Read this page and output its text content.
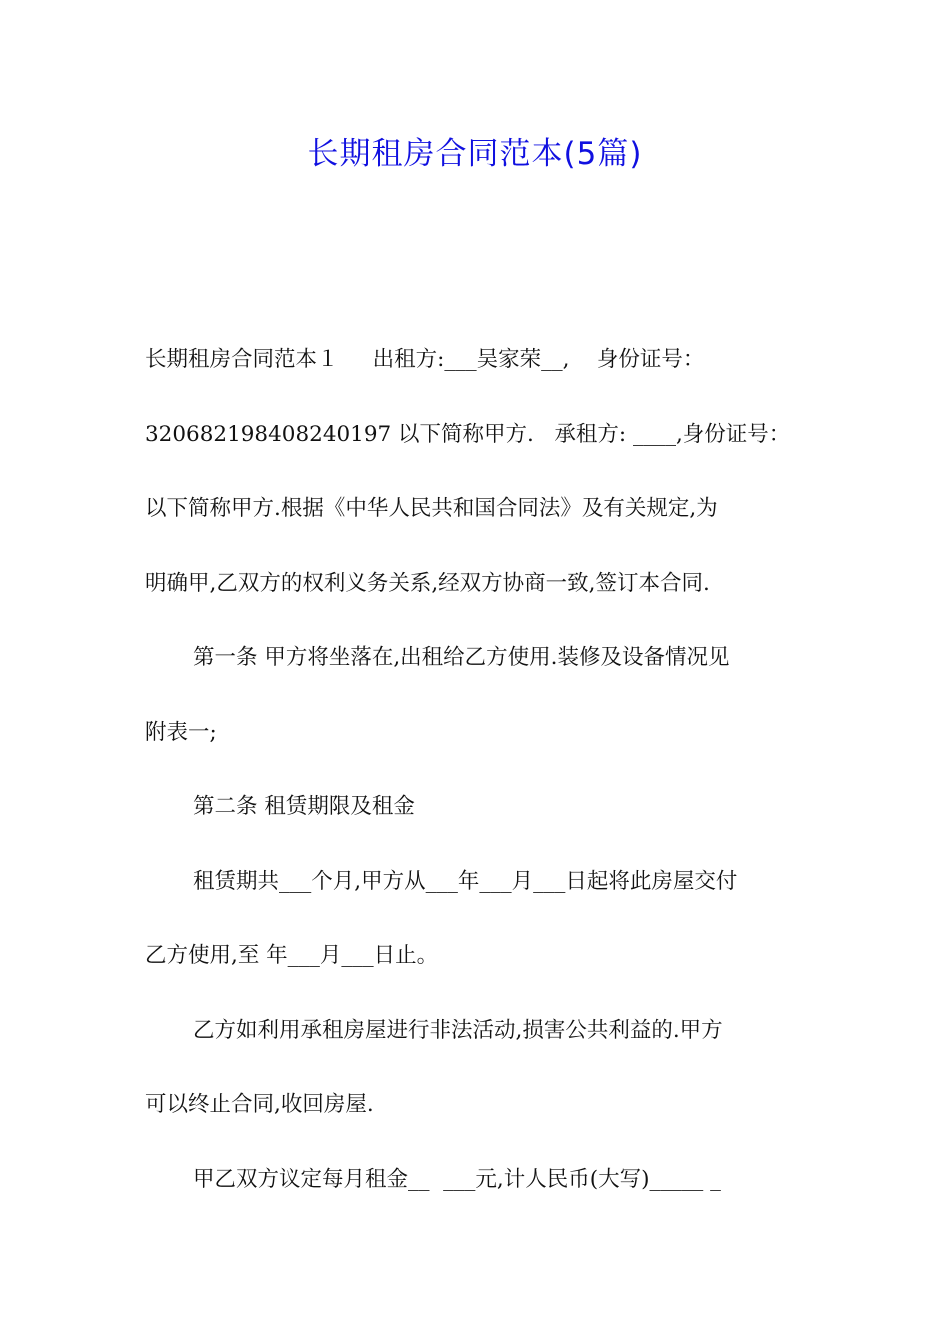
长期租房合同范本(5篇)
长期租房合同范本１     出租方:___吴家荣__,    身份证号：
320682198408240197 以下简称甲方.   承租方: ____,身份证号：
以下简称甲方.根据《中华人民共和国合同法》及有关规定,为
明确甲,乙双方的权利义务关系,经双方协商一致,签订本合同.
第一条 甲方将坐落在,出租给乙方使用.装修及设备情况见
附表一;
第二条 租赁期限及租金
租赁期共___个月,甲方从___年___月___日起将此房屋交付
乙方使用,至 年___月___日止。
乙方如利用承租房屋进行非法活动,损害公共利益的.甲方
可以终止合同,收回房屋.
甲乙双方议定每月租金__  ___元,计人民币(大写)_____ _
